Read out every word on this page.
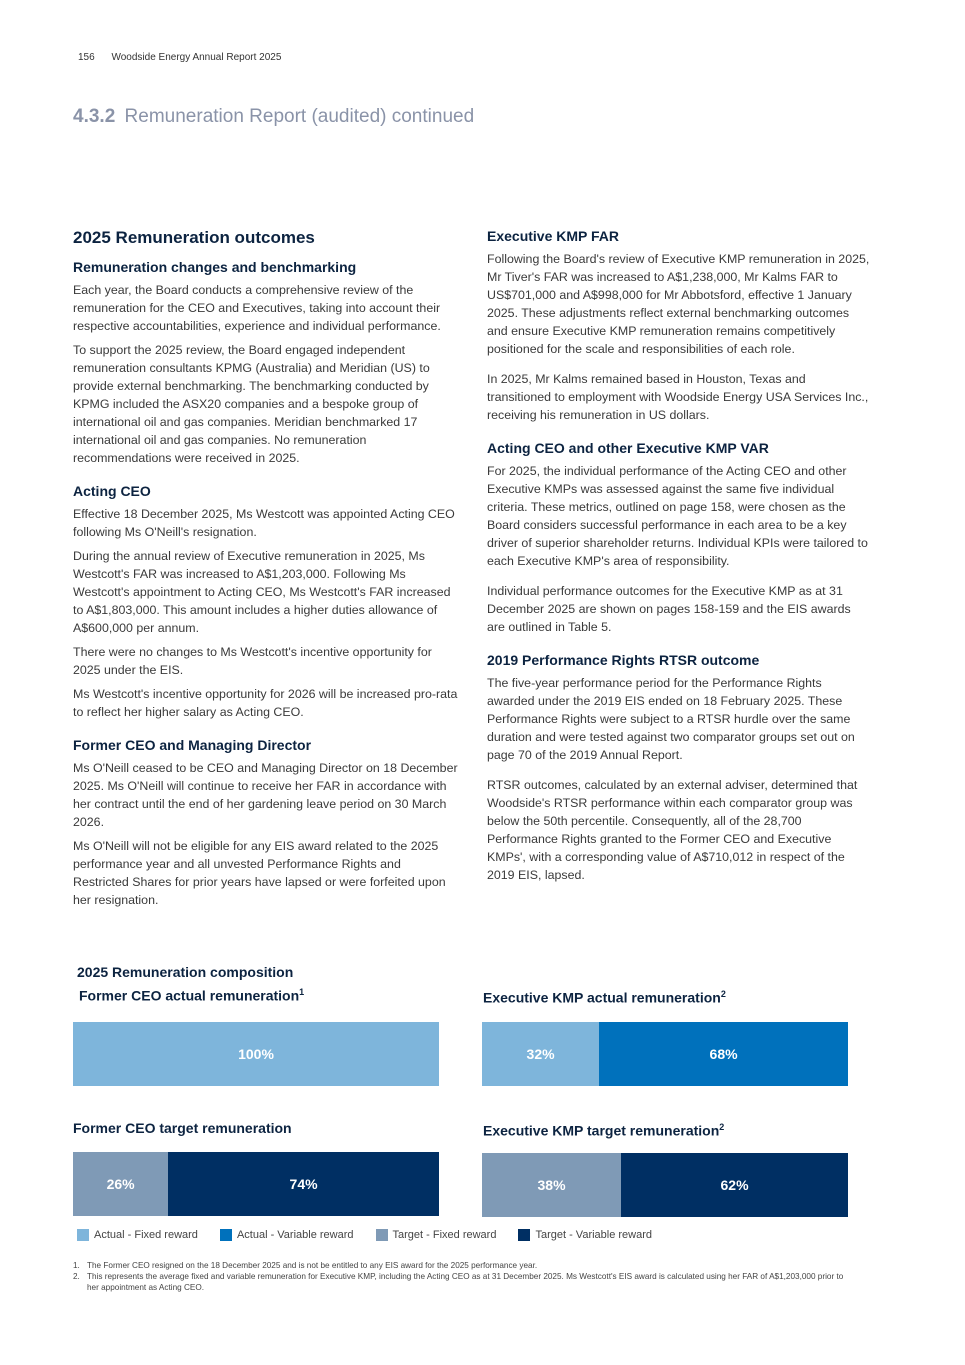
156 Woodside Energy Annual Report 2025
4.3.2 Remuneration Report (audited) continued
2025 Remuneration outcomes
Remuneration changes and benchmarking

Each year, the Board conducts a comprehensive review of the remuneration for the CEO and Executives, taking into account their respective accountabilities, experience and individual performance.

To support the 2025 review, the Board engaged independent remuneration consultants KPMG (Australia) and Meridian (US) to provide external benchmarking. The benchmarking conducted by KPMG included the ASX20 companies and a bespoke group of international oil and gas companies. Meridian benchmarked 17 international oil and gas companies. No remuneration recommendations were received in 2025.

Acting CEO

Effective 18 December 2025, Ms Westcott was appointed Acting CEO following Ms O'Neill's resignation.

During the annual review of Executive remuneration in 2025, Ms Westcott's FAR was increased to A$1,203,000. Following Ms Westcott's appointment to Acting CEO, Ms Westcott's FAR increased to A$1,803,000. This amount includes a higher duties allowance of A$600,000 per annum.

There were no changes to Ms Westcott's incentive opportunity for 2025 under the EIS.

Ms Westcott's incentive opportunity for 2026 will be increased pro-rata to reflect her higher salary as Acting CEO.

Former CEO and Managing Director

Ms O'Neill ceased to be CEO and Managing Director on 18 December 2025. Ms O'Neill will continue to receive her FAR in accordance with her contract until the end of her gardening leave period on 30 March 2026.

Ms O'Neill will not be eligible for any EIS award related to the 2025 performance year and all unvested Performance Rights and Restricted Shares for prior years have lapsed or were forfeited upon her resignation.

Executive KMP FAR

Following the Board's review of Executive KMP remuneration in 2025, Mr Tiver's FAR was increased to A$1,238,000, Mr Kalms FAR to US$701,000 and A$998,000 for Mr Abbotsford, effective 1 January 2025. These adjustments reflect external benchmarking outcomes and ensure Executive KMP remuneration remains competitively positioned for the scale and responsibilities of each role.

In 2025, Mr Kalms remained based in Houston, Texas and transitioned to employment with Woodside Energy USA Services Inc., receiving his remuneration in US dollars.

Acting CEO and other Executive KMP VAR

For 2025, the individual performance of the Acting CEO and other Executive KMPs was assessed against the same five individual criteria. These metrics, outlined on page 158, were chosen as the Board considers successful performance in each area to be a key driver of superior shareholder returns. Individual KPIs were tailored to each Executive KMP's area of responsibility.

Individual performance outcomes for the Executive KMP as at 31 December 2025 are shown on pages 158-159 and the EIS awards are outlined in Table 5.

2019 Performance Rights RTSR outcome

The five-year performance period for the Performance Rights awarded under the 2019 EIS ended on 18 February 2025. These Performance Rights were subject to a RTSR hurdle over the same duration and were tested against two comparator groups set out on page 70 of the 2019 Annual Report.

RTSR outcomes, calculated by an external adviser, determined that Woodside's RTSR performance within each comparator group was below the 50th percentile. Consequently, all of the 28,700 Performance Rights granted to the Former CEO and Executive KMPs', with a corresponding value of A$710,012 in respect of the 2019 EIS, lapsed.

2025 Remuneration composition
Former CEO actual remuneration$^1$
100%
Executive KMP actual remuneration$^2$
32%	68%
Former CEO target remuneration
26%	74%
Executive KMP target remuneration$^2$
38%	62%
Actual - Fixed reward	Actual - Variable reward	Target - Fixed reward	Target - Variable reward
1. The Former CEO resigned on the 18 December 2025 and is not be entitled to any EIS award for the 2025 performance year.
2. This represents the average fixed and variable remuneration for Executive KMP, including the Acting CEO as at 31 December 2025. Ms Westcott's EIS award is calculated using her FAR of A$1,203,000 prior to her appointment as Acting CEO.
